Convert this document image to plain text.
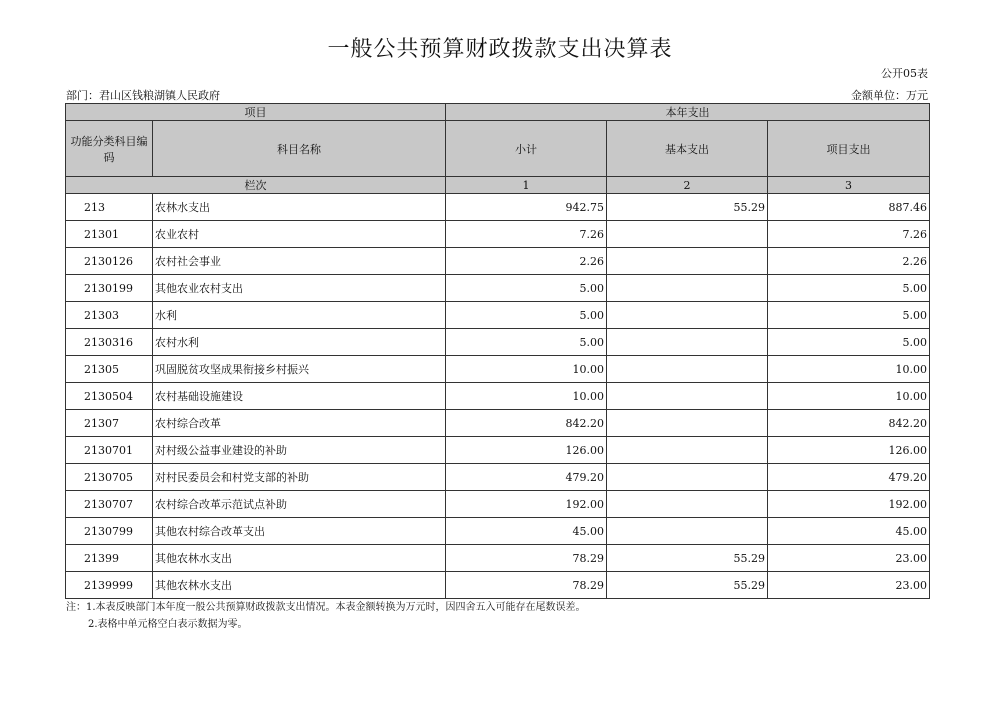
一般公共预算财政拨款支出决算表
公开05表
部门：君山区钱粮湖镇人民政府	金额单位：万元
项目		本年支出		
功能分类科目编码	科目名称	小计	基本支出	项目支出
栏次		1	2	3
213	农林水支出	942.75	55.29	887.46
21301	农业农村	7.26		7.26
2130126	农村社会事业	2.26		2.26
2130199	其他农业农村支出	5.00		5.00
21303	水利	5.00		5.00
2130316	农村水利	5.00		5.00
21305	巩固脱贫攻坚成果衔接乡村振兴	10.00		10.00
2130504	农村基础设施建设	10.00		10.00
21307	农村综合改革	842.20		842.20
2130701	对村级公益事业建设的补助	126.00		126.00
2130705	对村民委员会和村党支部的补助	479.20		479.20
2130707	农村综合改革示范试点补助	192.00		192.00
2130799	其他农村综合改革支出	45.00		45.00
21399	其他农林水支出	78.29	55.29	23.00
2139999	其他农林水支出	78.29	55.29	23.00
注：1.本表反映部门本年度一般公共预算财政拨款支出情况。本表金额转换为万元时，因四舍五入可能存在尾数误差。
2.表格中单元格空白表示数据为零。
